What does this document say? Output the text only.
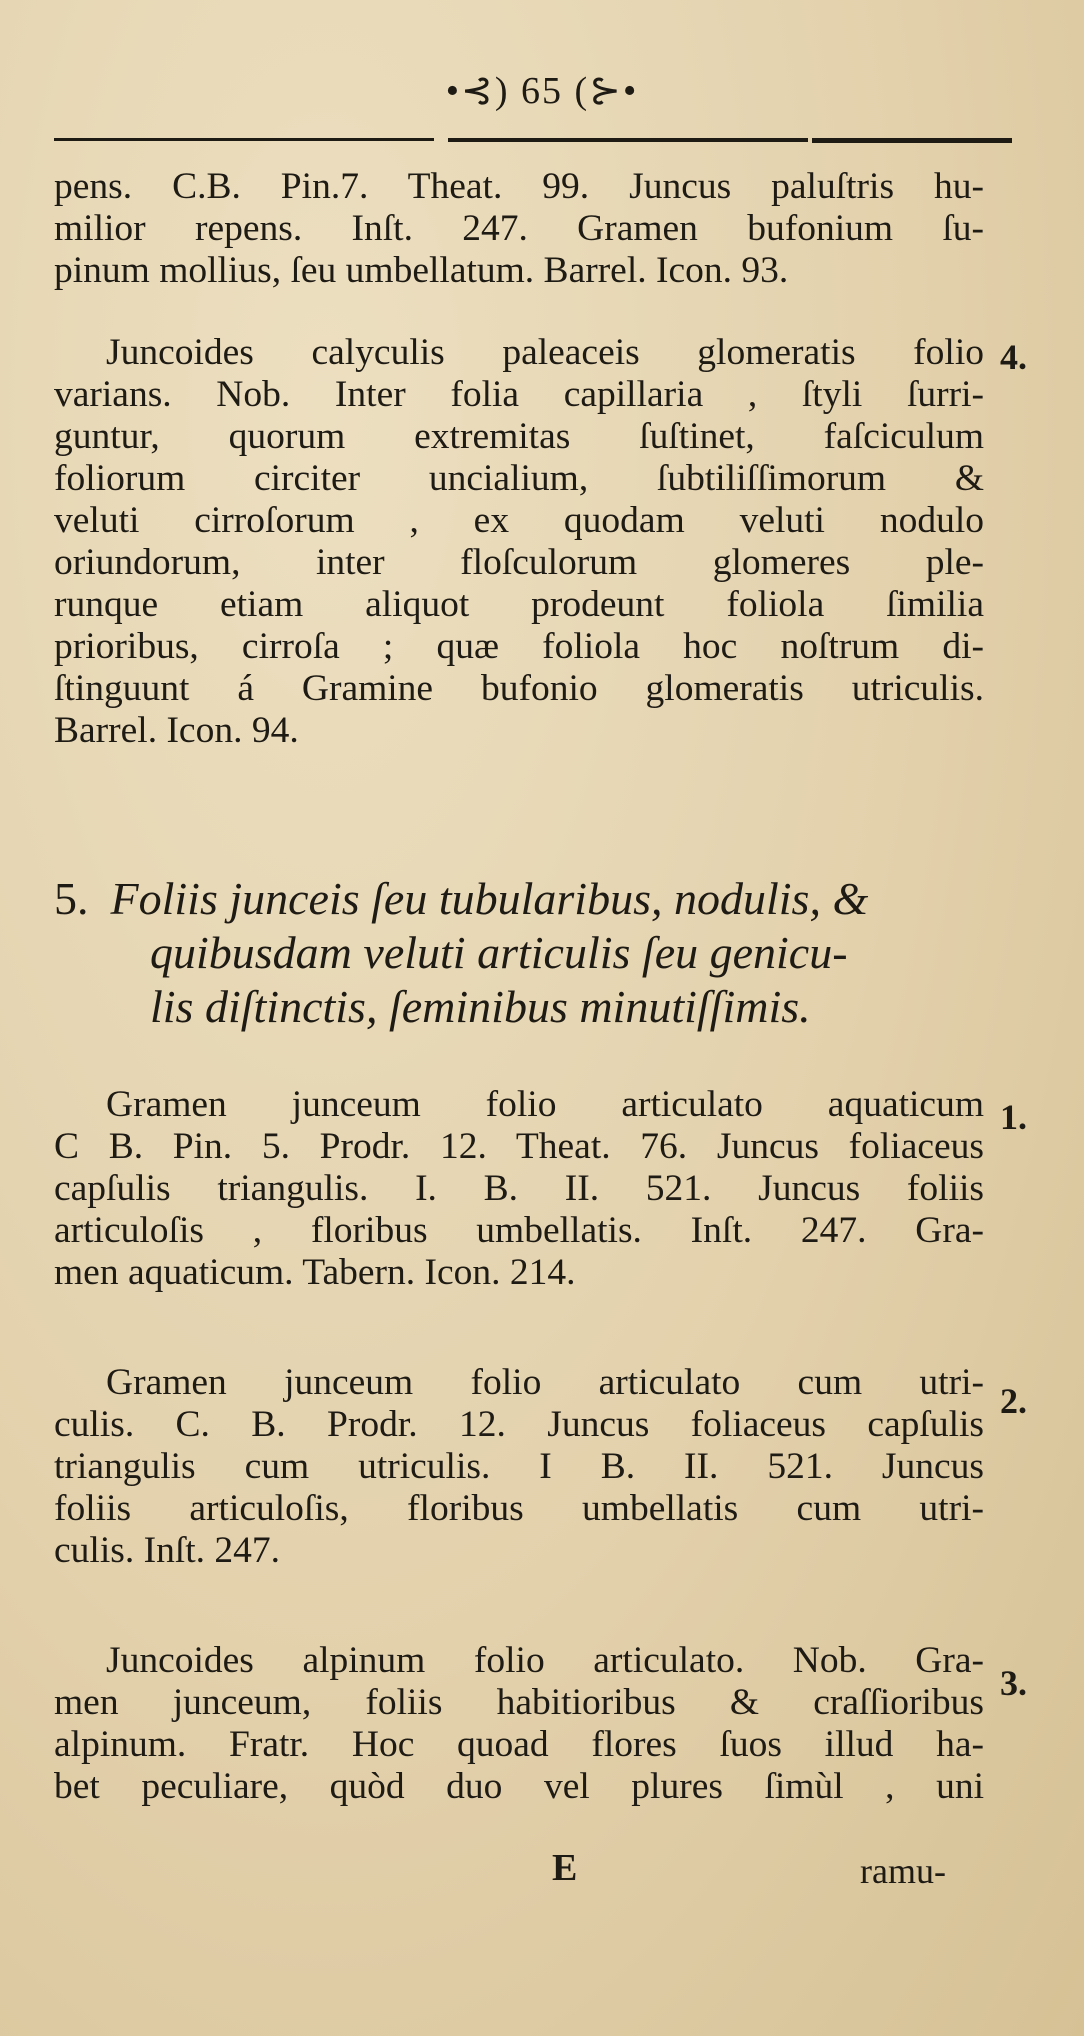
•⊰) 65 (⊱•
pens. C.B. Pin.7. Theat. 99. Juncus paluſtris hu-
milior repens. Inſt. 247. Gramen bufonium ſu-
pinum mollius, ſeu umbellatum. Barrel. Icon. 93.
4.
Juncoides calyculis paleaceis glomeratis folio
varians. Nob. Inter folia capillaria , ſtyli ſurri-
guntur, quorum extremitas ſuſtinet, faſciculum
foliorum circiter uncialium, ſubtiliſſimorum &
veluti cirroſorum , ex quodam veluti nodulo
oriundorum, inter floſculorum glomeres ple-
runque etiam aliquot prodeunt foliola ſimilia
prioribus, cirroſa ; quæ foliola hoc noſtrum di-
ſtinguunt á Gramine bufonio glomeratis utriculis.
Barrel. Icon. 94.
5. Foliis junceis ſeu tubularibus, nodulis, &
quibusdam veluti articulis ſeu genicu-
lis diſtinctis, ſeminibus minutiſſimis.
1.
Gramen junceum folio articulato aquaticum
C B. Pin. 5. Prodr. 12. Theat. 76. Juncus foliaceus
capſulis triangulis. I. B. II. 521. Juncus foliis
articuloſis , floribus umbellatis. Inſt. 247. Gra-
men aquaticum. Tabern. Icon. 214.
2.
Gramen junceum folio articulato cum utri-
culis. C. B. Prodr. 12. Juncus foliaceus capſulis
triangulis cum utriculis. I B. II. 521. Juncus
foliis articuloſis, floribus umbellatis cum utri-
culis. Inſt. 247.
3.
Juncoides alpinum folio articulato. Nob. Gra-
men junceum, foliis habitioribus & craſſioribus
alpinum. Fratr. Hoc quoad flores ſuos illud ha-
bet peculiare, quòd duo vel plures ſimùl , uni
E	ramu-
